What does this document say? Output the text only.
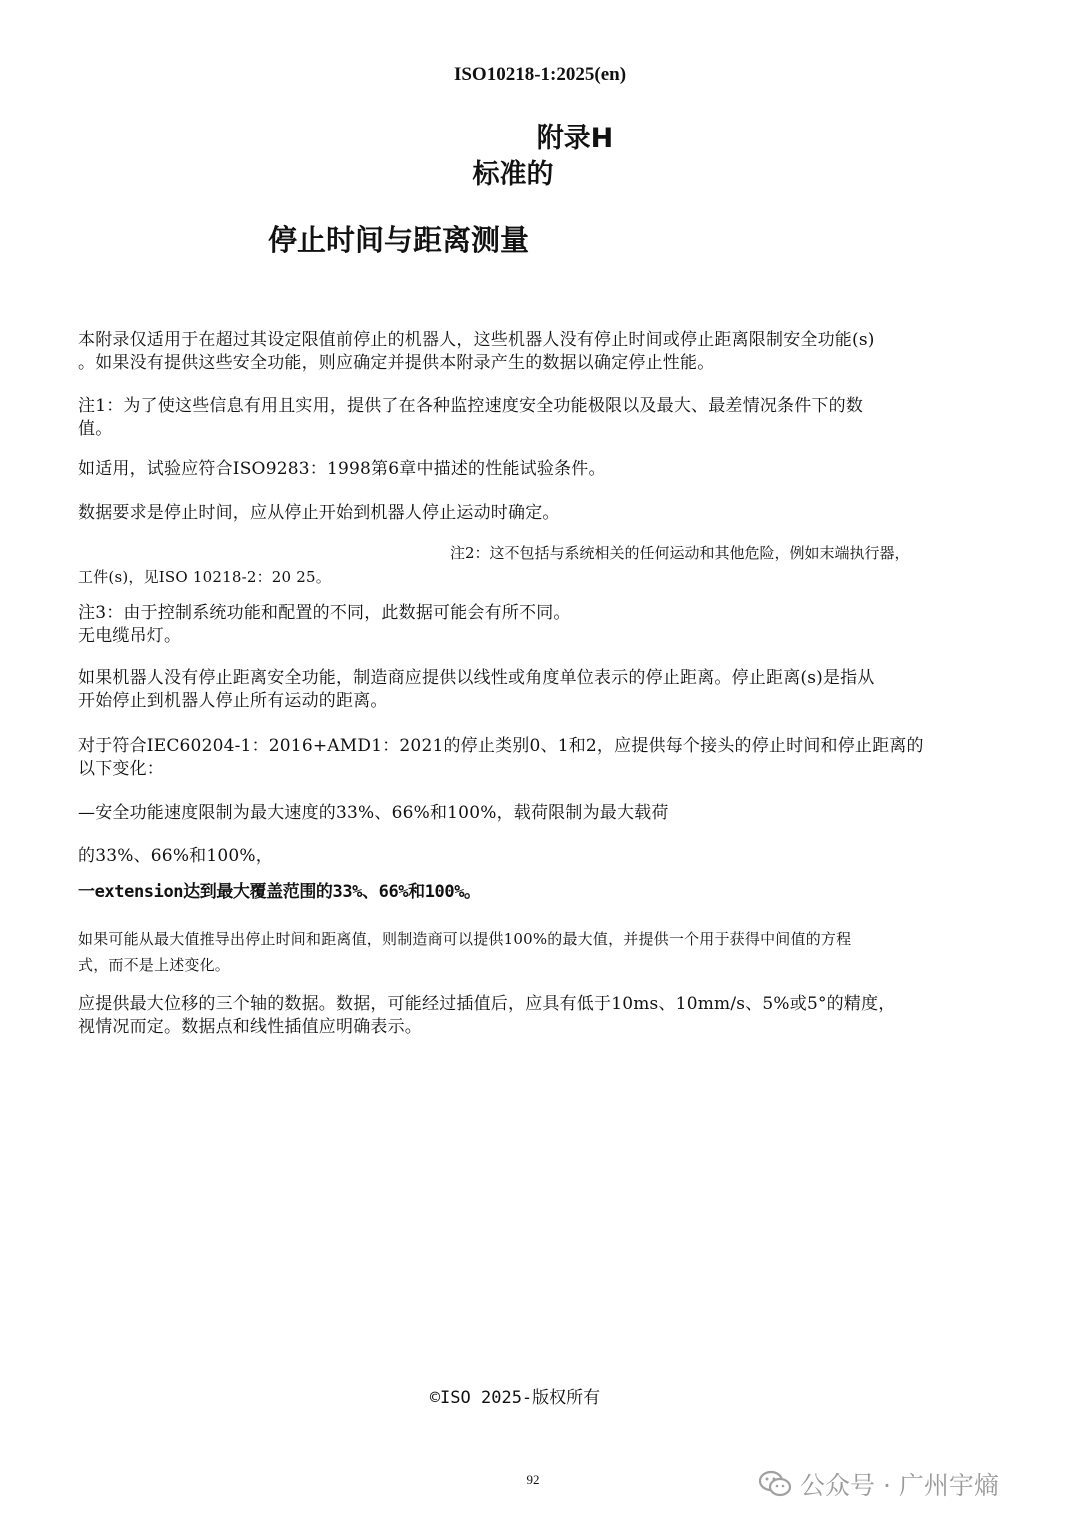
ISO10218-1:2025(en)
附录H
标准的
停止时间与距离测量
本附录仅适用于在超过其设定限值前停止的机器人，这些机器人没有停止时间或停止距离限制安全功能(s)
。如果没有提供这些安全功能，则应确定并提供本附录产生的数据以确定停止性能。
注1：为了使这些信息有用且实用，提供了在各种监控速度安全功能极限以及最大、最差情况条件下的数
值。
如适用，试验应符合ISO9283：1998第6章中描述的性能试验条件。
数据要求是停止时间，应从停止开始到机器人停止运动时确定。
注2：这不包括与系统相关的任何运动和其他危险，例如末端执行器，
工件(s)，见ISO 10218-2：20 25。
注3：由于控制系统功能和配置的不同，此数据可能会有所不同。
无电缆吊灯。
如果机器人没有停止距离安全功能，制造商应提供以线性或角度单位表示的停止距离。停止距离(s)是指从
开始停止到机器人停止所有运动的距离。
对于符合IEC60204-1：2016+AMD1：2021的停止类别0、1和2，应提供每个接头的停止时间和停止距离的
以下变化：
—安全功能速度限制为最大速度的33%、66%和100%，载荷限制为最大载荷
的33%、66%和100%，
一extension达到最大覆盖范围的33%、66%和100%。
如果可能从最大值推导出停止时间和距离值，则制造商可以提供100%的最大值，并提供一个用于获得中间值的方程
式，而不是上述变化。
应提供最大位移的三个轴的数据。数据，可能经过插值后，应具有低于10ms、10mm/s、5%或5°的精度，
视情况而定。数据点和线性插值应明确表示。
©ISO 2025-版权所有
92	公众号 · 广州宇熵
